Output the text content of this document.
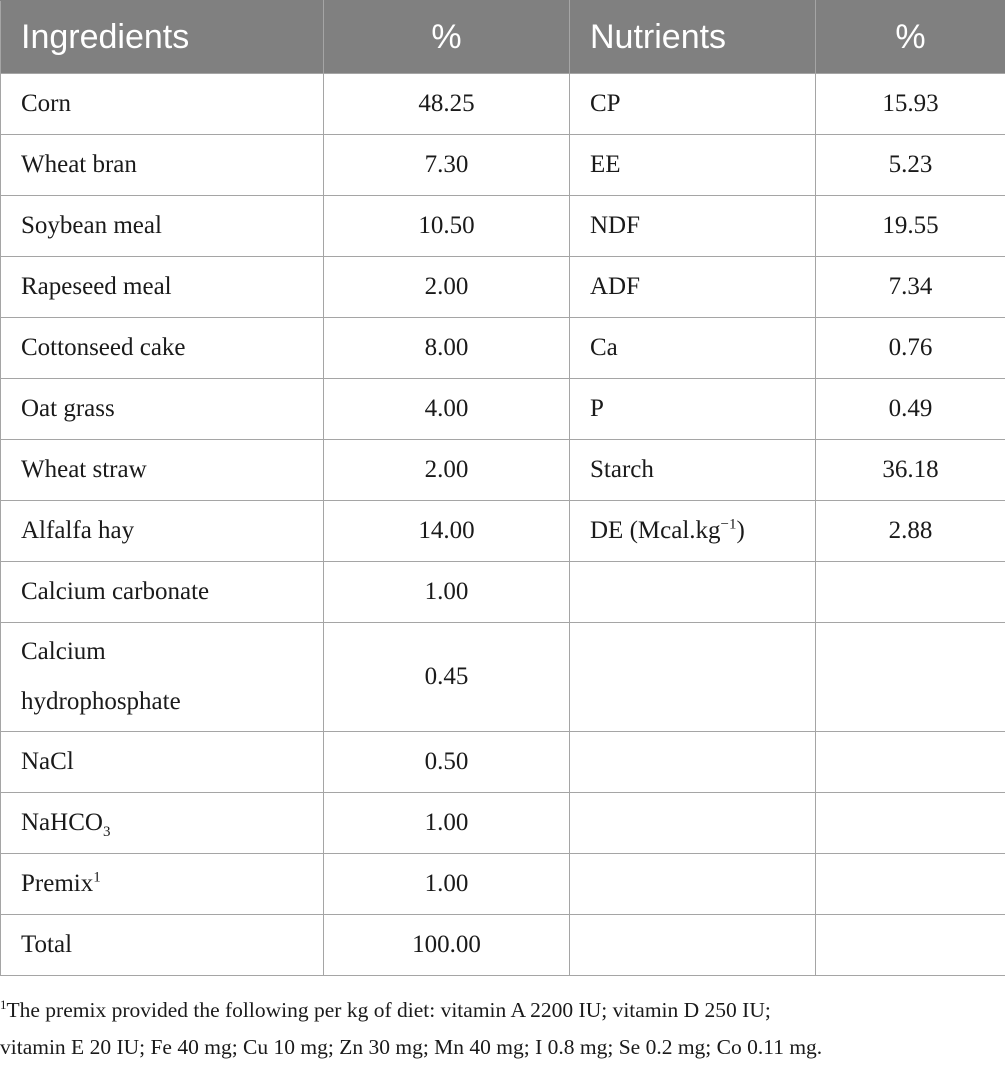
Ingredients	%	Nutrients	%
Corn	48.25	CP	15.93
Wheat bran	7.30	EE	5.23
Soybean meal	10.50	NDF	19.55
Rapeseed meal	2.00	ADF	7.34
Cottonseed cake	8.00	Ca	0.76
Oat grass	4.00	P	0.49
Wheat straw	2.00	Starch	36.18
Alfalfa hay	14.00	DE $(Mcal.kg^{-1})$	2.88
Calcium carbonate	1.00		

Calcium
hydrophosphate	0.45		
NaCl	0.50		
NaHCO$_3$	1.00		
Premix$^1$	1.00		
Total	100.00		
$^1$The premix provided the following per kg of diet: vitamin A 2200 IU; vitamin D 250 IU;
vitamin E 20 IU; Fe 40 mg; Cu 10 mg; Zn 30 mg; Mn 40 mg; I 0.8 mg; Se 0.2 mg; Co 0.11 mg.
